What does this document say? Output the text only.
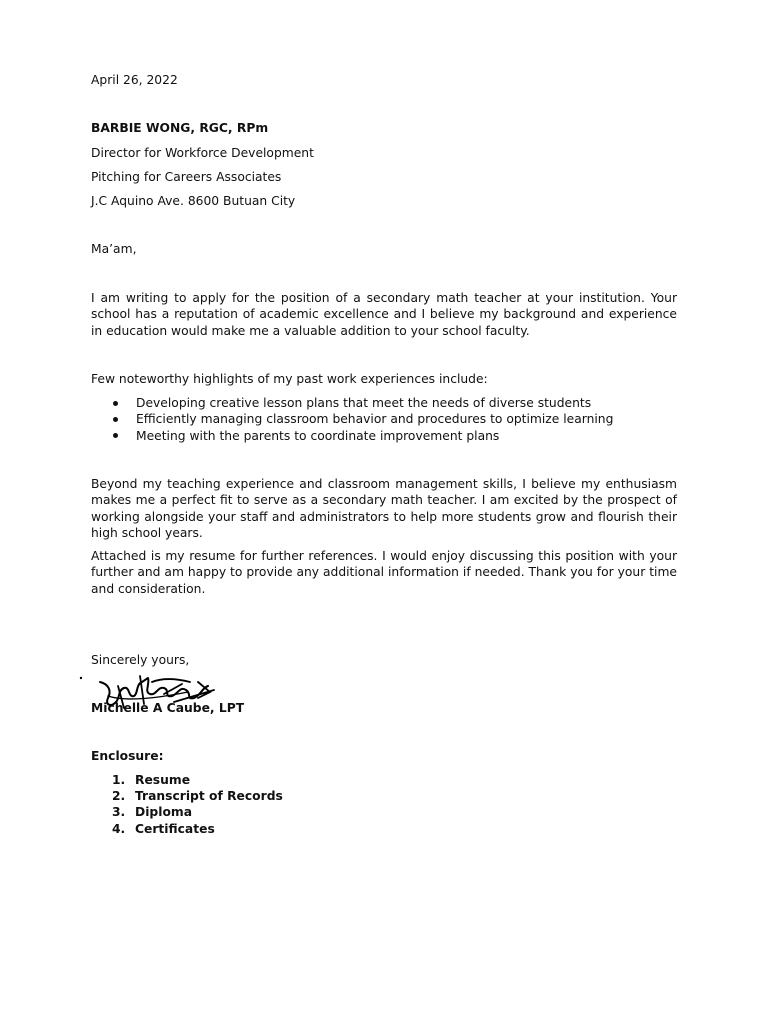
April 26, 2022

BARBIE WONG, RGC, RPm

Director for Workforce Development

Pitching for Careers Associates

J.C Aquino Ave. 8600 Butuan City

Ma’am,

I am writing to apply for the position of a secondary math teacher at your institution. Your school has a reputation of academic excellence and I believe my background and experience in education would make me a valuable addition to your school faculty.

Few noteworthy highlights of my past work experiences include:

Developing creative lesson plans that meet the needs of diverse students
Efficiently managing classroom behavior and procedures to optimize learning
Meeting with the parents to coordinate improvement plans

Beyond my teaching experience and classroom management skills, I believe my enthusiasm makes me a perfect fit to serve as a secondary math teacher. I am excited by the prospect of working alongside your staff and administrators to help more students grow and flourish their high school years.

Attached is my resume for further references. I would enjoy discussing this position with your further and am happy to provide any additional information if needed. Thank you for your time and consideration.

Sincerely yours,

Michelle A Caube, LPT

Enclosure:

1. Resume
2. Transcript of Records
3. Diploma
4. Certificates
